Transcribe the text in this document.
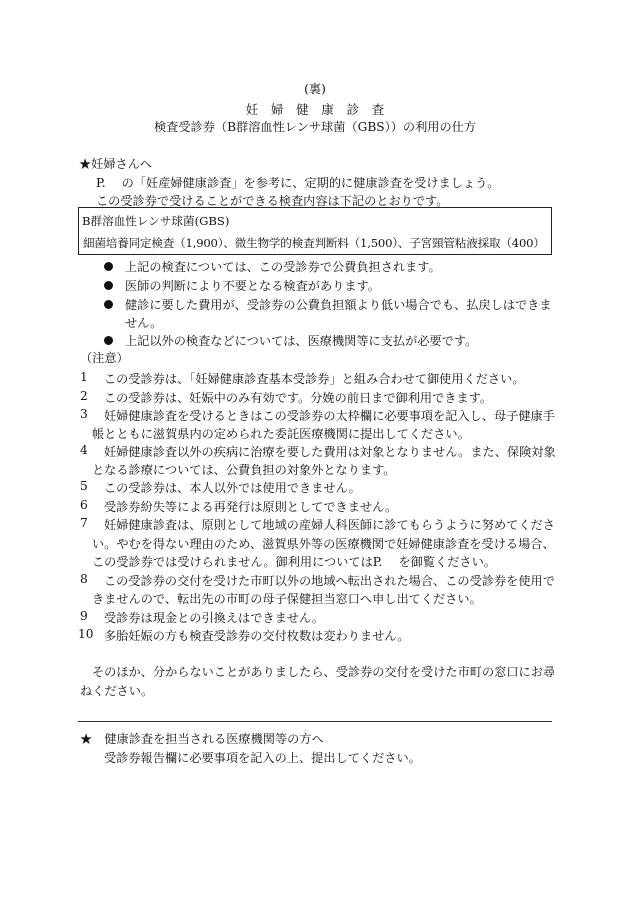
(裏)
妊　婦　健　康　診　査
検査受診券（B群溶血性レンサ球菌（GBS））の利用の仕方
★妊婦さんへ
P.　 の「妊産婦健康診査」を参考に、定期的に健康診査を受けましょう。
この受診券で受けることができる検査内容は下記のとおりです。
B群溶血性レンサ球菌(GBS)
細菌培養同定検査（1,900）、微生物学的検査判断料（1,500）、子宮頸管粘液採取（400）
上記の検査については、この受診券で公費負担されます。
医師の判断により不要となる検査があります。
健診に要した費用が、受診券の公費負担額より低い場合でも、払戻しはできま
せん。
上記以外の検査などについては、医療機関等に支払が必要です。
（注意）
1 この受診券は、「妊婦健康診査基本受診券」と組み合わせて御使用ください。
2 この受診券は、妊娠中のみ有効です。分娩の前日まで御利用できます。
3 妊婦健康診査を受けるときはこの受診券の太枠欄に必要事項を記入し、母子健康手
帳とともに滋賀県内の定められた委託医療機関に提出してください。
4 妊婦健康診査以外の疾病に治療を要した費用は対象となりません。また、保険対象
となる診療については、公費負担の対象外となります。
5 この受診券は、本人以外では使用できません。
6 受診券紛失等による再発行は原則としてできません。
7 妊婦健康診査は、原則として地域の産婦人科医師に診てもらうように努めてくださ
い。やむを得ない理由のため、滋賀県外等の医療機関で妊婦健康診査を受ける場合、
この受診券では受けられません。御利用についてはP.　 を御覧ください。
8 この受診券の交付を受けた市町以外の地域へ転出された場合、この受診券を使用で
きませんので、転出先の市町の母子保健担当窓口へ申し出てください。
9 受診券は現金との引換えはできません。
10 多胎妊娠の方も検査受診券の交付枚数は変わりません。
そのほか、分からないことがありましたら、受診券の交付を受けた市町の窓口にお尋
ねください。
★　健康診査を担当される医療機関等の方へ
受診券報告欄に必要事項を記入の上、提出してください。
